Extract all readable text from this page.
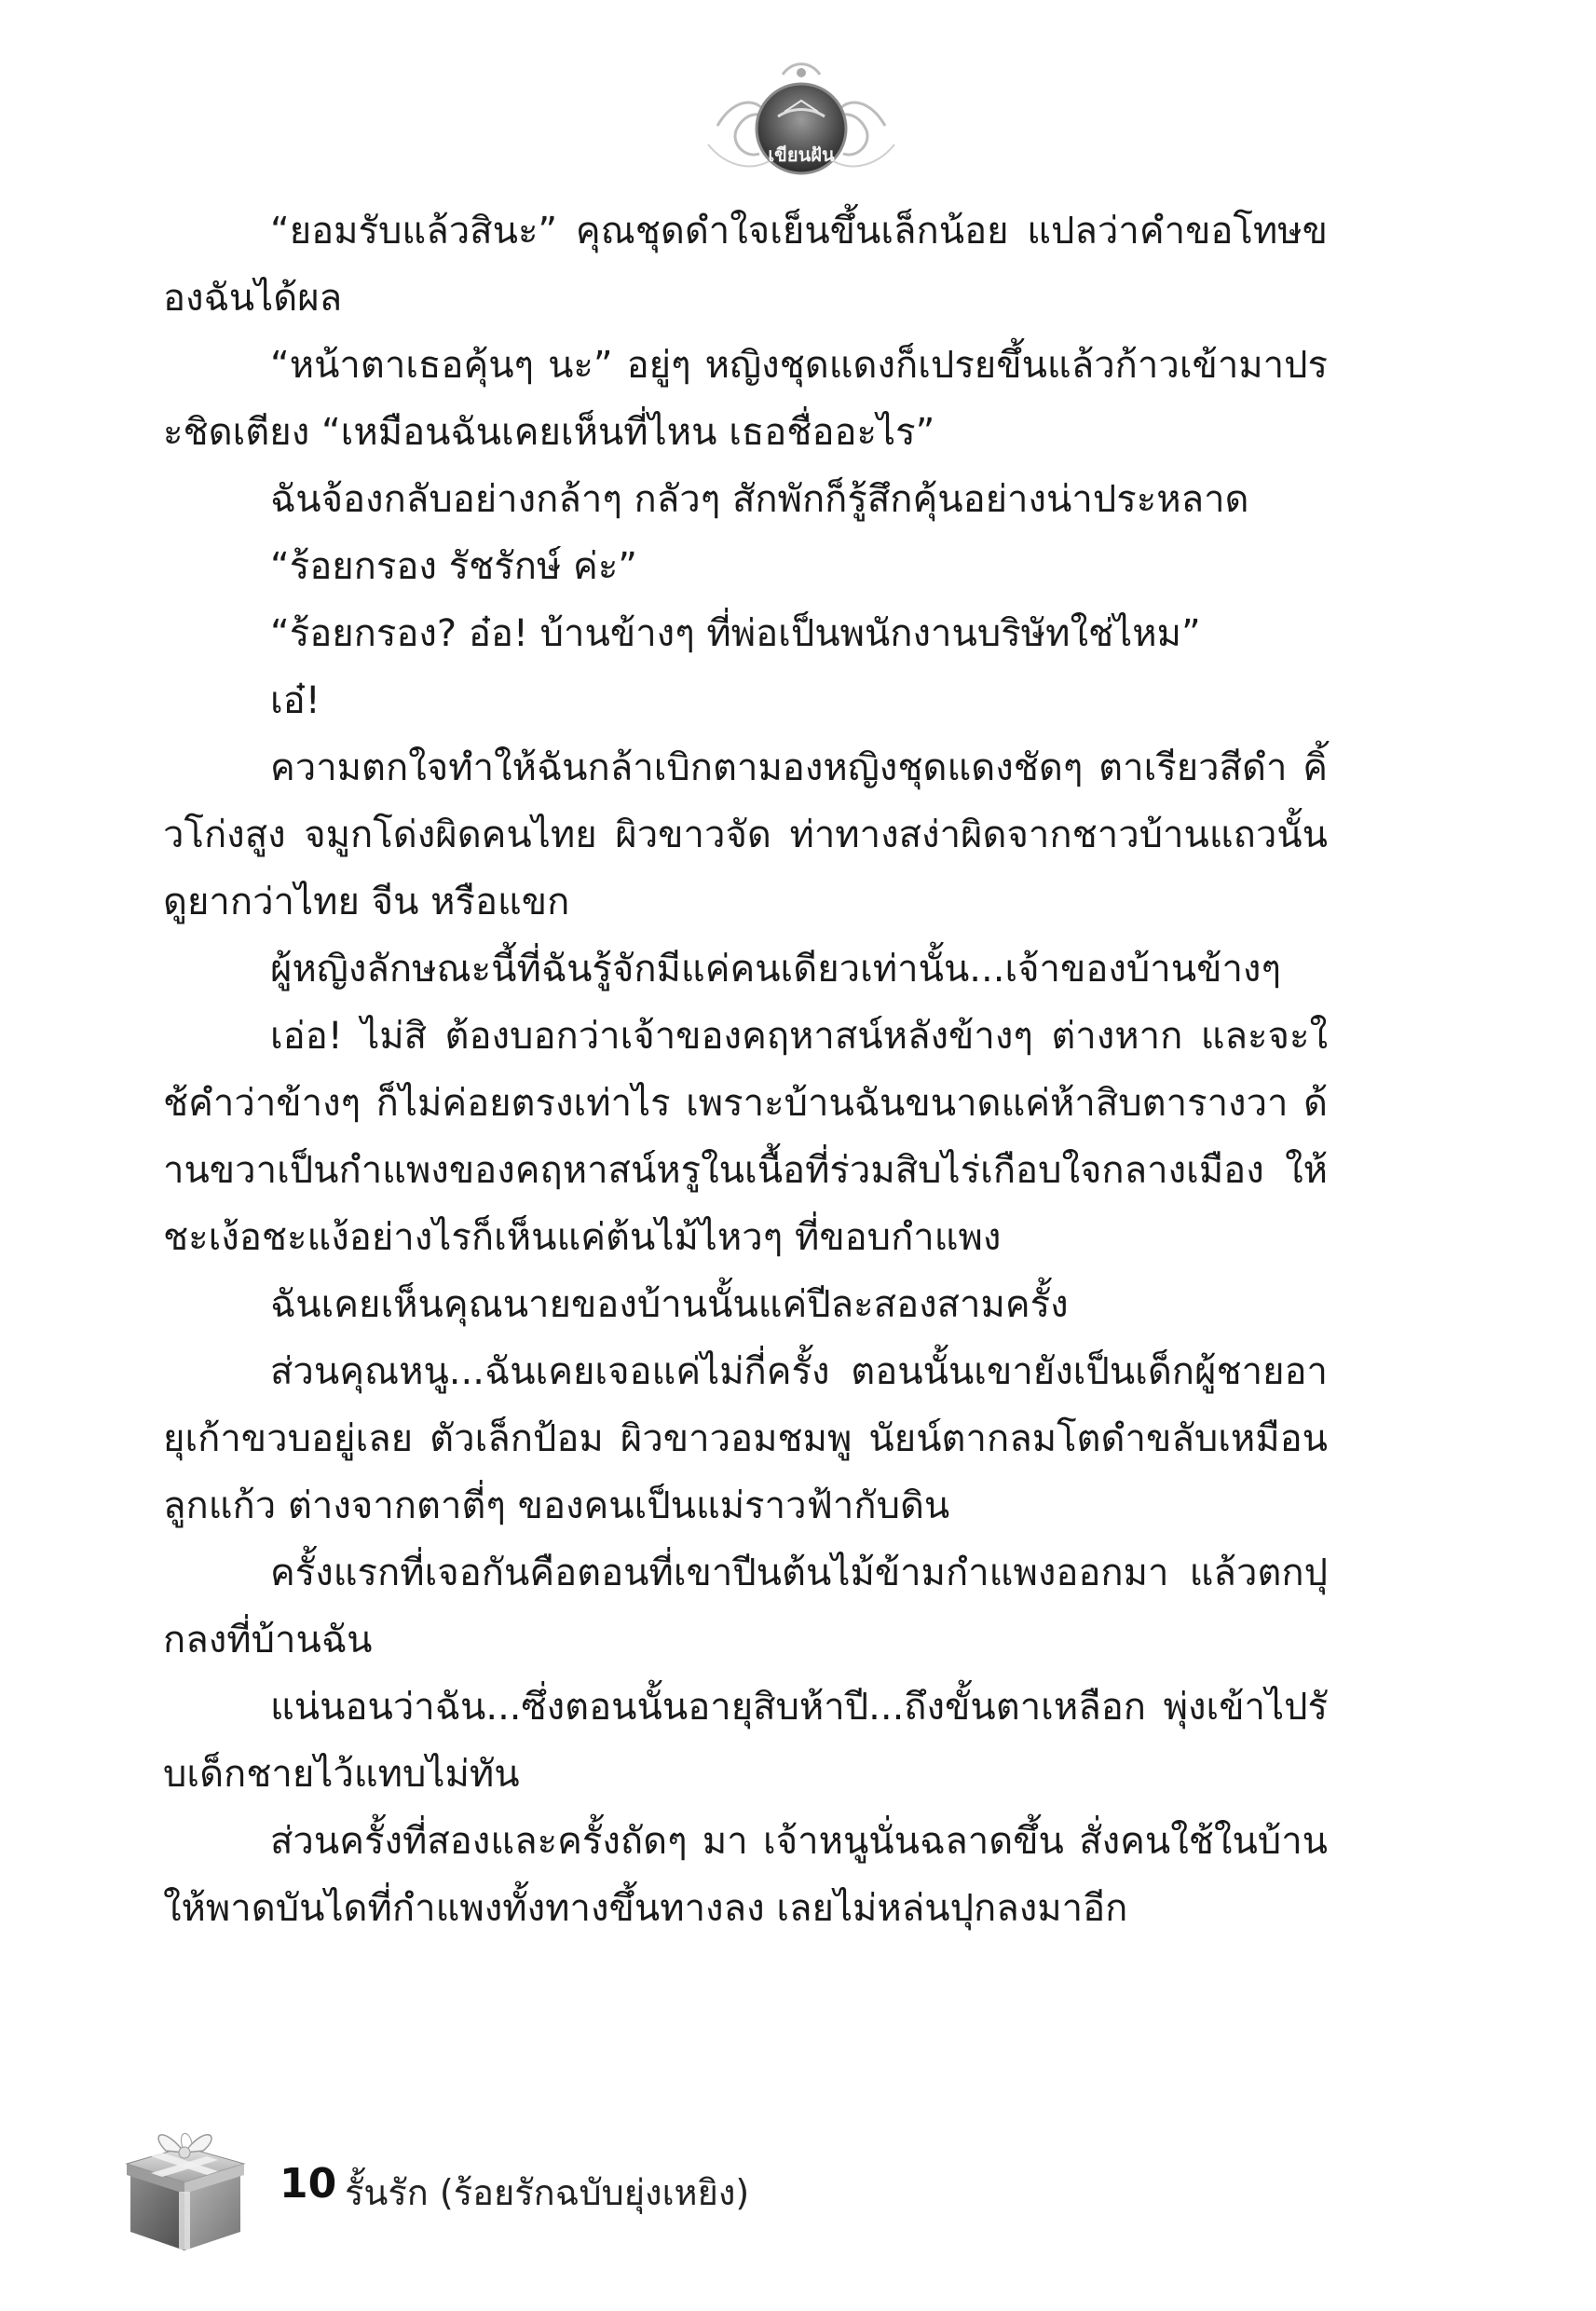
เขียนฝัน

“ยอมรับแล้วสินะ” คุณชุดดำใจเย็นขึ้นเล็กน้อย แปลว่าคำขอโทษของฉันได้ผล

“หน้าตาเธอคุ้นๆ นะ” อยู่ๆ หญิงชุดแดงก็เปรยขึ้นแล้วก้าวเข้ามาประชิดเตียง “เหมือนฉันเคยเห็นที่ไหน เธอชื่ออะไร”

ฉันจ้องกลับอย่างกล้าๆ กลัวๆ สักพักก็รู้สึกคุ้นอย่างน่าประหลาด

“ร้อยกรอง รัชรักษ์ ค่ะ”

“ร้อยกรอง? อ๋อ! บ้านข้างๆ ที่พ่อเป็นพนักงานบริษัทใช่ไหม”

เอ๋!

ความตกใจทำให้ฉันกล้าเบิกตามองหญิงชุดแดงชัดๆ ตาเรียวสีดำ คิ้วโก่งสูง จมูกโด่งผิดคนไทย ผิวขาวจัด ท่าทางสง่าผิดจากชาวบ้านแถวนั้น ดูยากว่าไทย จีน หรือแขก

ผู้หญิงลักษณะนี้ที่ฉันรู้จักมีแค่คนเดียวเท่านั้น...เจ้าของบ้านข้างๆ

เอ่อ! ไม่สิ ต้องบอกว่าเจ้าของคฤหาสน์หลังข้างๆ ต่างหาก และจะใช้คำว่าข้างๆ ก็ไม่ค่อยตรงเท่าไร เพราะบ้านฉันขนาดแค่ห้าสิบตารางวา ด้านขวาเป็นกำแพงของคฤหาสน์หรูในเนื้อที่ร่วมสิบไร่เกือบใจกลางเมือง ให้ชะเง้อชะแง้อย่างไรก็เห็นแค่ต้นไม้ไหวๆ ที่ขอบกำแพง

ฉันเคยเห็นคุณนายของบ้านนั้นแค่ปีละสองสามครั้ง

ส่วนคุณหนู...ฉันเคยเจอแค่ไม่กี่ครั้ง ตอนนั้นเขายังเป็นเด็กผู้ชายอายุเก้าขวบอยู่เลย ตัวเล็กป้อม ผิวขาวอมชมพู นัยน์ตากลมโตดำขลับเหมือนลูกแก้ว ต่างจากตาตี่ๆ ของคนเป็นแม่ราวฟ้ากับดิน

ครั้งแรกที่เจอกันคือตอนที่เขาปีนต้นไม้ข้ามกำแพงออกมา แล้วตกปุกลงที่บ้านฉัน

แน่นอนว่าฉัน...ซึ่งตอนนั้นอายุสิบห้าปี...ถึงขั้นตาเหลือก พุ่งเข้าไปรับเด็กชายไว้แทบไม่ทัน

ส่วนครั้งที่สองและครั้งถัดๆ มา เจ้าหนูนั่นฉลาดขึ้น สั่งคนใช้ในบ้านให้พาดบันไดที่กำแพงทั้งทางขึ้นทางลง เลยไม่หล่นปุกลงมาอีก

10 รั้นรัก (ร้อยรักฉบับยุ่งเหยิง)
